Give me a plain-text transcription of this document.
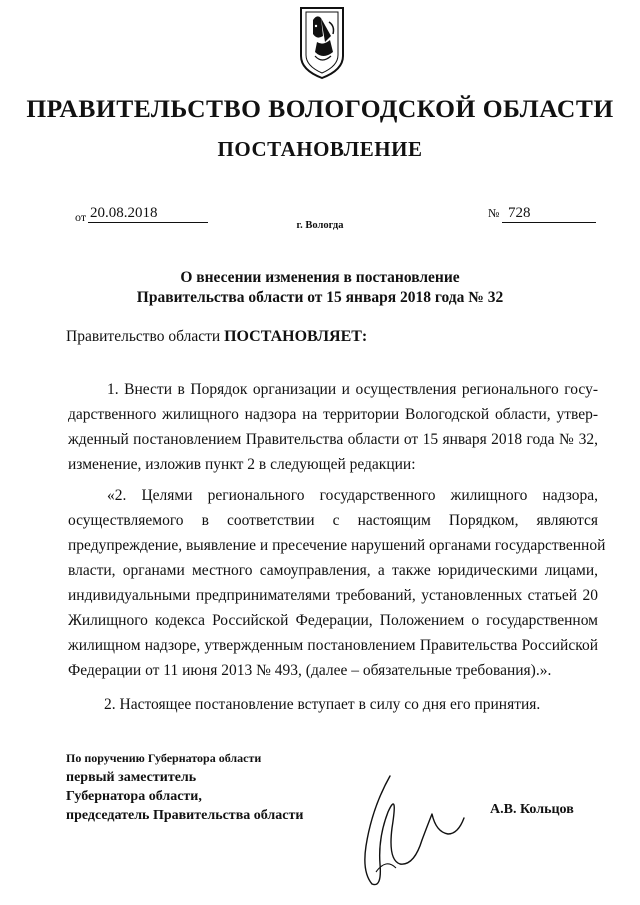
ПРАВИТЕЛЬСТВО ВОЛОГОДСКОЙ ОБЛАСТИ
ПОСТАНОВЛЕНИЕ
от 20.08.2018	№ 728
г. Вологда
О внесении изменения в постановление
Правительства области от 15 января 2018 года № 32
Правительство области ПОСТАНОВЛЯЕТ:
1. Внести в Порядок организации и осуществления регионального госу-
дарственного жилищного надзора на территории Вологодской области, утвер-
жденный постановлением Правительства области от 15 января 2018 года № 32,
изменение, изложив пункт 2 в следующей редакции:
«2. Целями регионального государственного жилищного надзора,
осуществляемого в соответствии с настоящим Порядком, являются
предупреждение, выявление и пресечение нарушений органами государственной
власти, органами местного самоуправления, а также юридическими лицами,
индивидуальными предпринимателями требований, установленных статьей 20
Жилищного кодекса Российской Федерации, Положением о государственном
жилищном надзоре, утвержденным постановлением Правительства Российской
Федерации от 11 июня 2013 № 493, (далее – обязательные требования).».
2. Настоящее постановление вступает в силу со дня его принятия.
По поручению Губернатора области
первый заместитель
Губернатора области,
председатель Правительства области	А.В. Кольцов
